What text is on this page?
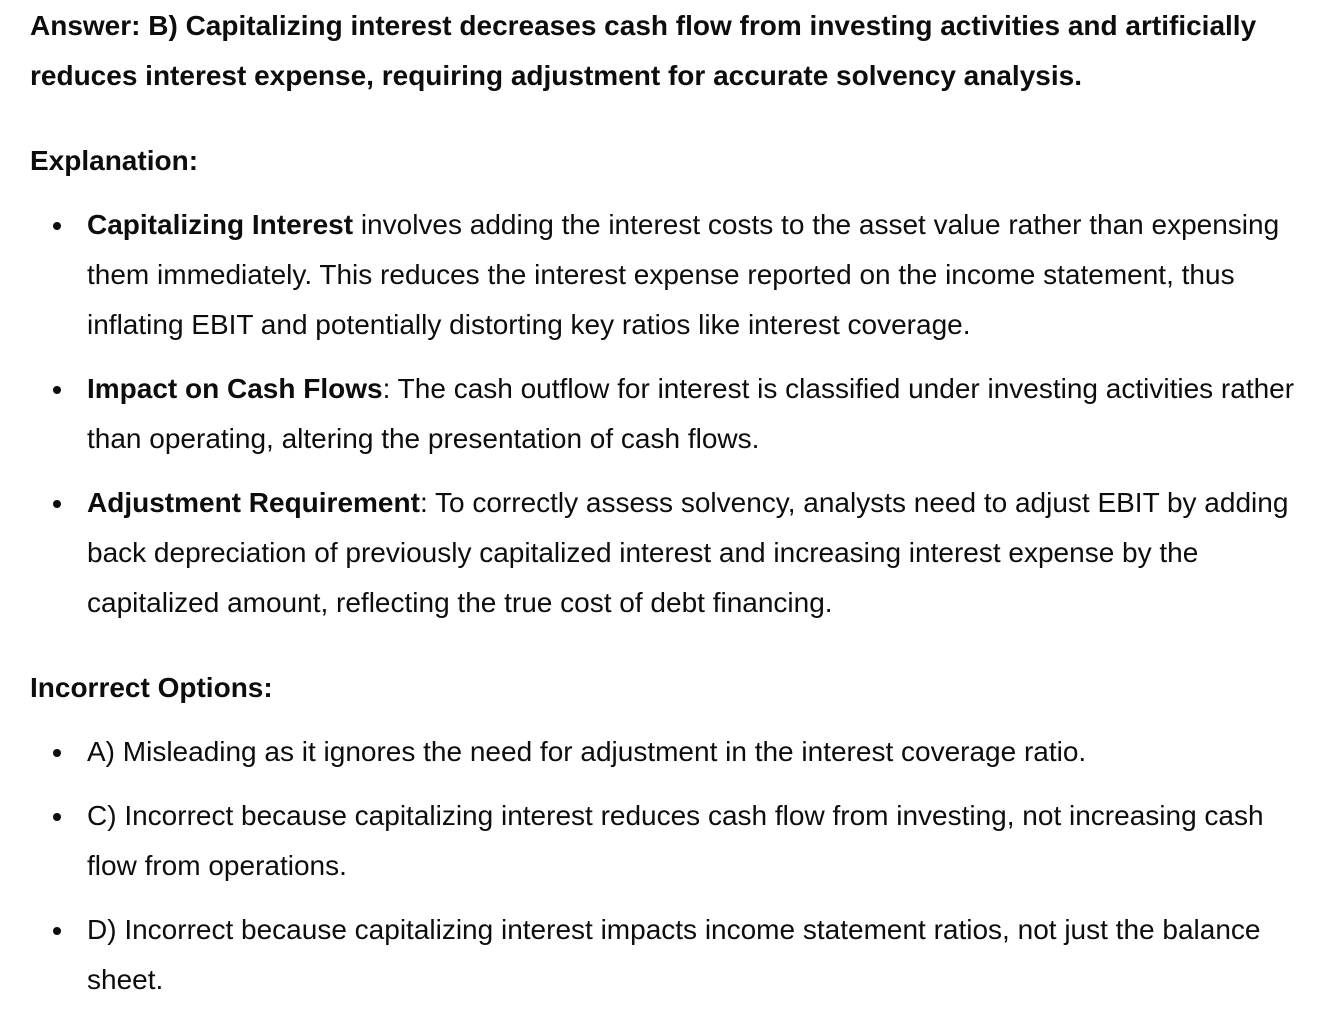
Answer: B) Capitalizing interest decreases cash flow from investing activities and artificially reduces interest expense, requiring adjustment for accurate solvency analysis.

Explanation:

Capitalizing Interest involves adding the interest costs to the asset value rather than expensing them immediately. This reduces the interest expense reported on the income statement, thus inflating EBIT and potentially distorting key ratios like interest coverage.
Impact on Cash Flows: The cash outflow for interest is classified under investing activities rather than operating, altering the presentation of cash flows.
Adjustment Requirement: To correctly assess solvency, analysts need to adjust EBIT by adding back depreciation of previously capitalized interest and increasing interest expense by the capitalized amount, reflecting the true cost of debt financing.

Incorrect Options:

A) Misleading as it ignores the need for adjustment in the interest coverage ratio.
C) Incorrect because capitalizing interest reduces cash flow from investing, not increasing cash flow from operations.
D) Incorrect because capitalizing interest impacts income statement ratios, not just the balance sheet.
